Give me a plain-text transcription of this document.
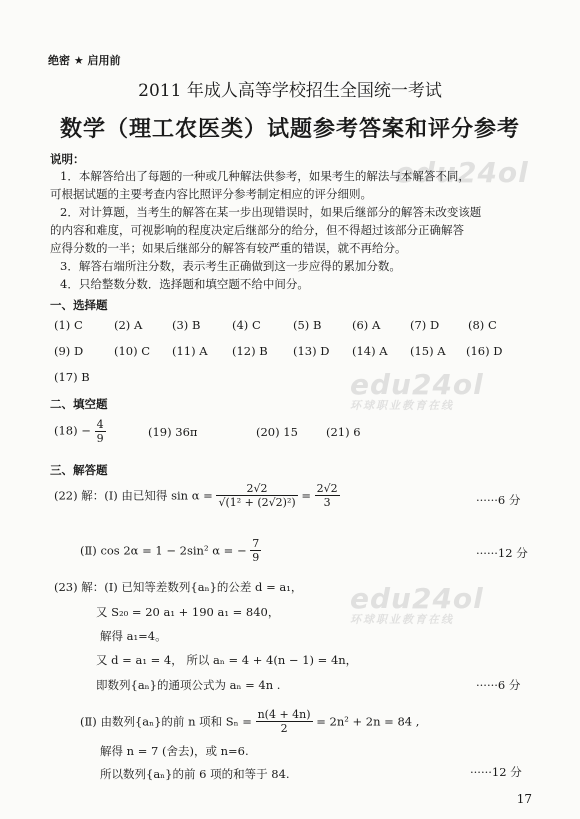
edu24ol
edu24ol
环球职业教育在线
edu24ol
环球职业教育在线
绝密 ★ 启用前
2011 年成人高等学校招生全国统一考试
数学（理工农医类）试题参考答案和评分参考
说明：
1．本解答给出了每题的一种或几种解法供参考，如果考生的解法与本解答不同，
可根据试题的主要考查内容比照评分参考制定相应的评分细则。
2．对计算题，当考生的解答在某一步出现错误时，如果后继部分的解答未改变该题
的内容和难度，可视影响的程度决定后继部分的给分，但不得超过该部分正确解答
应得分数的一半；如果后继部分的解答有较严重的错误，就不再给分。
3．解答右端所注分数，表示考生正确做到这一步应得的累加分数。
4．只给整数分数．选择题和填空题不给中间分。
一、选择题
(1) C	(2) A	(3) B	(4) C	(5) B	(6) A	(7) D	(8) C
(9) D	(10) C (11) A (12) B (13) D (14) A (15) A (16) D
(17) B
二、填空题
$(18) - \frac{4}{9}$	(19) 36π	(20) 15 (21) 6
三、解答题
(22) 解：(Ⅰ) 由已知得 $\sin \alpha = \frac{2√2}{\text{√(1² + (2√2)²)}} = \frac{2√2}{3}$	······6 分
(Ⅱ) cos 2α = 1 − 2sin² α = − $\frac{7}{9}$	······12 分
(23) 解：(Ⅰ) 已知等差数列{aₙ}的公差 d = a₁，
又 S₂₀ = 20 a₁ + 190 a₁ = 840，
解得 a₁=4。
又 d = a₁ = 4， 所以 aₙ = 4 + 4(n − 1) = 4n，
即数列{aₙ}的通项公式为 aₙ = 4n .	······6 分
(Ⅱ) 由数列{aₙ}的前 n 项和 $S_n = \frac{n(4 + 4n)}{2} = 2n^2 + 2n = 84$ ,
解得 n = 7 (舍去)，或 n=6.
所以数列{aₙ}的前 6 项的和等于 84.	······12 分
17
